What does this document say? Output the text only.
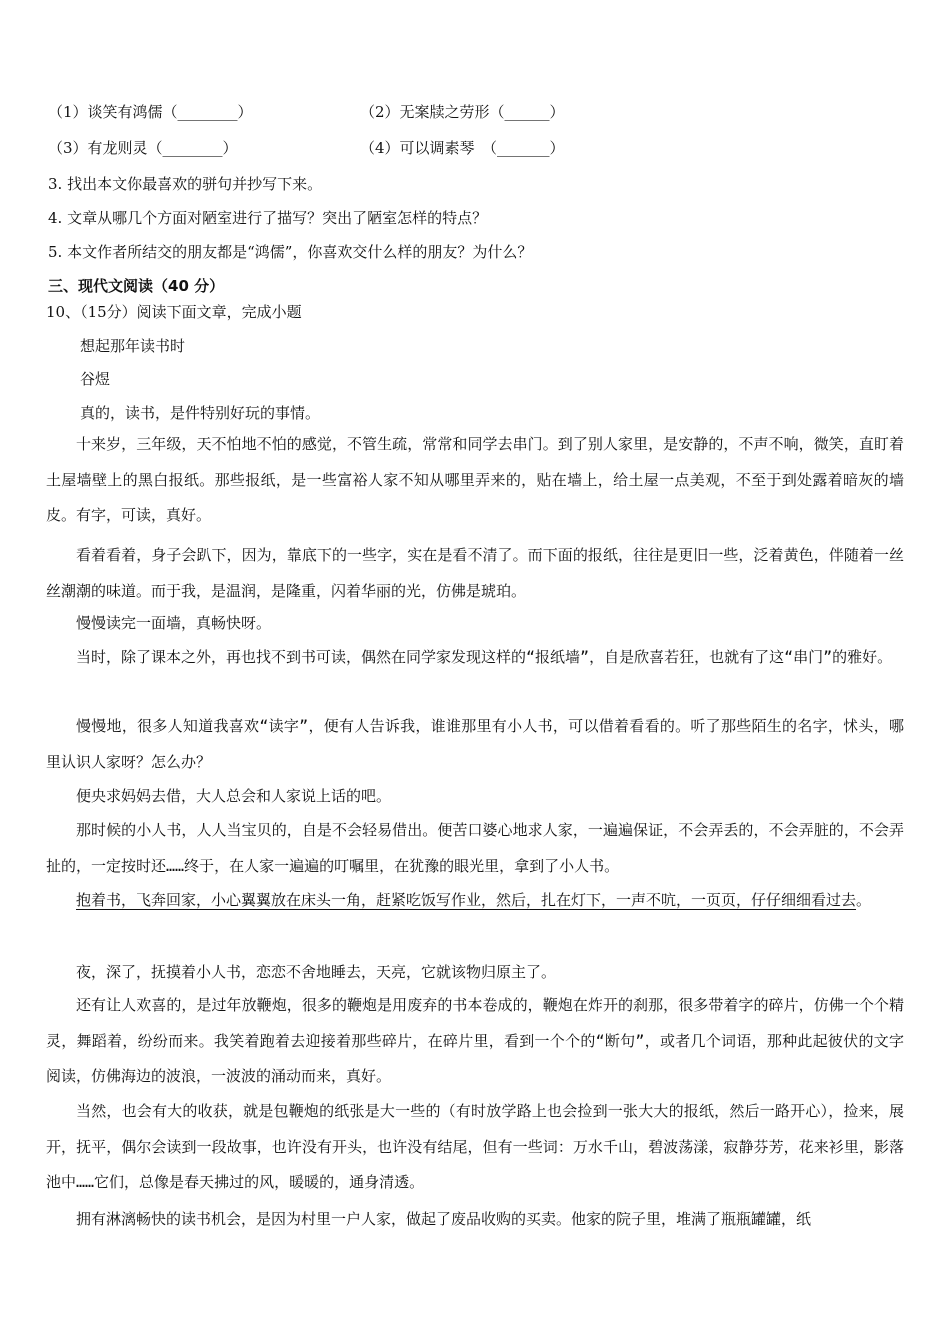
（1）谈笑有鸿儒（________）	（2）无案牍之劳形（______）
（3）有龙则灵（________）	（4）可以调素琴　（_______）
3. 找出本文你最喜欢的骈句并抄写下来。
4. 文章从哪几个方面对陋室进行了描写？突出了陋室怎样的特点？
5. 本文作者所结交的朋友都是“鸿儒”，你喜欢交什么样的朋友？为什么？
三、现代文阅读（40 分）
10、（15分）阅读下面文章，完成小题
想起那年读书时
谷煜
真的，读书，是件特别好玩的事情。
十来岁，三年级，天不怕地不怕的感觉，不管生疏，常常和同学去串门。到了别人家里，是安静的，不声不响，微笑，直盯着土屋墙壁上的黑白报纸。那些报纸，是一些富裕人家不知从哪里弄来的，贴在墙上，给土屋一点美观，不至于到处露着暗灰的墙皮。有字，可读，真好。
看着看着，身子会趴下，因为，靠底下的一些字，实在是看不清了。而下面的报纸，往往是更旧一些，泛着黄色，伴随着一丝丝潮潮的味道。而于我，是温润，是隆重，闪着华丽的光，仿佛是琥珀。
慢慢读完一面墙，真畅快呀。
当时，除了课本之外，再也找不到书可读，偶然在同学家发现这样的“报纸墙”，自是欣喜若狂，也就有了这“串门”的雅好。
慢慢地，很多人知道我喜欢“读字”，便有人告诉我，谁谁那里有小人书，可以借着看看的。听了那些陌生的名字，怵头，哪里认识人家呀？怎么办？
便央求妈妈去借，大人总会和人家说上话的吧。
那时候的小人书，人人当宝贝的，自是不会轻易借出。便苦口婆心地求人家，一遍遍保证，不会弄丢的，不会弄脏的，不会弄扯的，一定按时还……终于，在人家一遍遍的叮嘱里，在犹豫的眼光里，拿到了小人书。
抱着书，飞奔回家，小心翼翼放在床头一角，赶紧吃饭写作业，然后，扎在灯下，一声不吭，一页页，仔仔细细看过去。
夜，深了，抚摸着小人书，恋恋不舍地睡去，天亮，它就该物归原主了。
还有让人欢喜的，是过年放鞭炮，很多的鞭炮是用废弃的书本卷成的，鞭炮在炸开的刹那，很多带着字的碎片，仿佛一个个精灵，舞蹈着，纷纷而来。我笑着跑着去迎接着那些碎片，在碎片里，看到一个个的“断句”，或者几个词语，那种此起彼伏的文字阅读，仿佛海边的波浪，一波波的涌动而来，真好。
当然，也会有大的收获，就是包鞭炮的纸张是大一些的（有时放学路上也会捡到一张大大的报纸，然后一路开心），捡来，展开，抚平，偶尔会读到一段故事，也许没有开头，也许没有结尾，但有一些词：万水千山，碧波荡漾，寂静芬芳，花来衫里，影落池中……它们，总像是春天拂过的风，暖暖的，通身清透。
拥有淋漓畅快的读书机会，是因为村里一户人家，做起了废品收购的买卖。他家的院子里，堆满了瓶瓶罐罐，纸
